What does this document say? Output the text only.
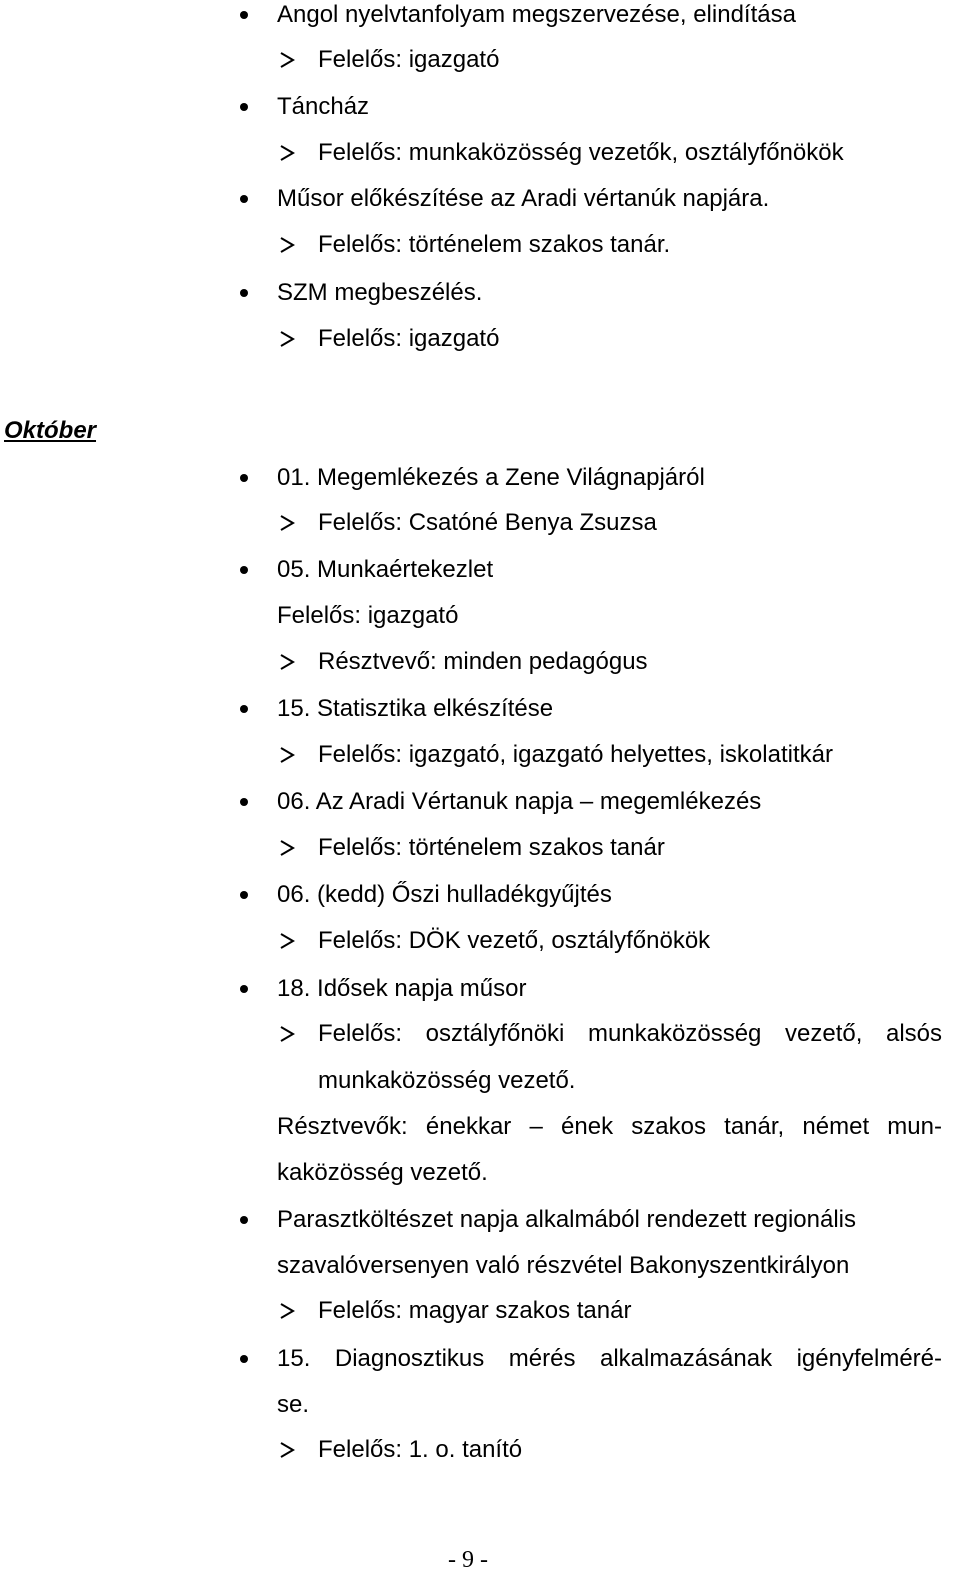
Angol nyelvtanfolyam megszervezése, elindítása
Felelős: igazgató
Táncház
Felelős: munkaközösség vezetők, osztályfőnökök
Műsor előkészítése az Aradi vértanúk napjára.
Felelős: történelem szakos tanár.
SZM megbeszélés.
Felelős: igazgató
Október
01. Megemlékezés a Zene Világnapjáról
Felelős: Csatóné Benya Zsuzsa
05. Munkaértekezlet
Felelős: igazgató
Résztvevő: minden pedagógus
15. Statisztika elkészítése
Felelős: igazgató, igazgató helyettes, iskolatitkár
06. Az Aradi Vértanuk napja – megemlékezés
Felelős: történelem szakos tanár
06. (kedd) Őszi hulladékgyűjtés
Felelős: DÖK vezető, osztályfőnökök
18. Idősek napja műsor
Felelős: osztályfőnöki munkaközösség vezető, alsós
munkaközösség vezető.
Résztvevők: énekkar – ének szakos tanár, német mun-
kaközösség vezető.
Parasztköltészet napja alkalmából rendezett regionális
szavalóversenyen való részvétel Bakonyszentkirályon
Felelős: magyar szakos tanár
15. Diagnosztikus mérés alkalmazásának igényfelméré-
se.
Felelős: 1. o. tanító
- 9 -
